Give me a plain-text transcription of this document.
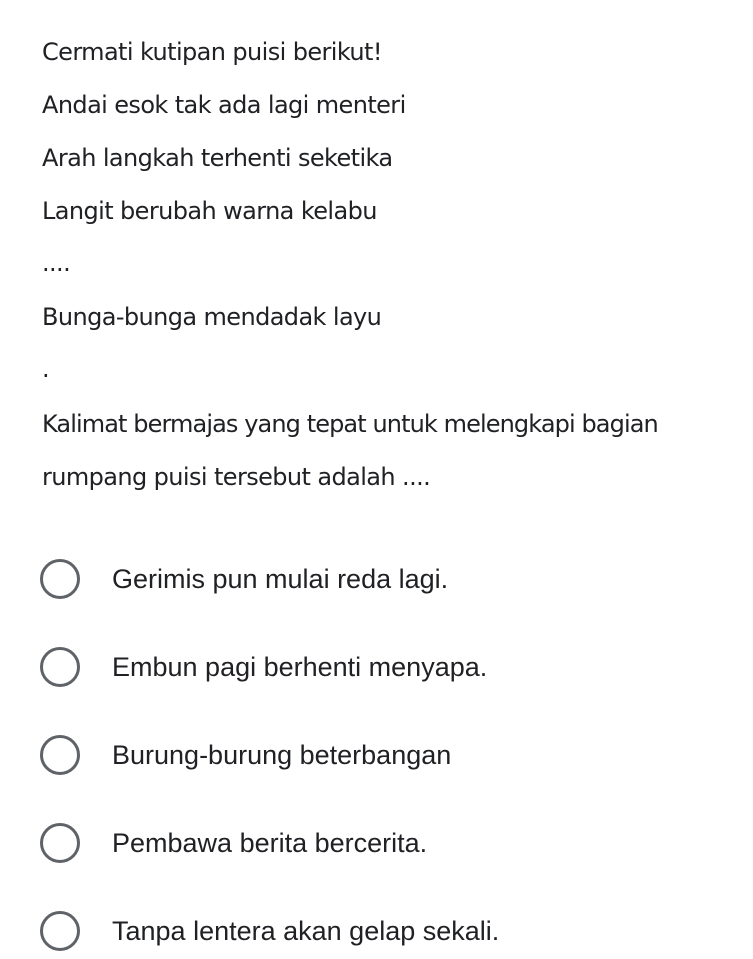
Cermati kutipan puisi berikut!
Andai esok tak ada lagi menteri
Arah langkah terhenti seketika
Langit berubah warna kelabu
....
Bunga-bunga mendadak layu
.
Kalimat bermajas yang tepat untuk melengkapi bagian
rumpang puisi tersebut adalah ....
Gerimis pun mulai reda lagi.
Embun pagi berhenti menyapa.
Burung-burung beterbangan
Pembawa berita bercerita.
Tanpa lentera akan gelap sekali.
